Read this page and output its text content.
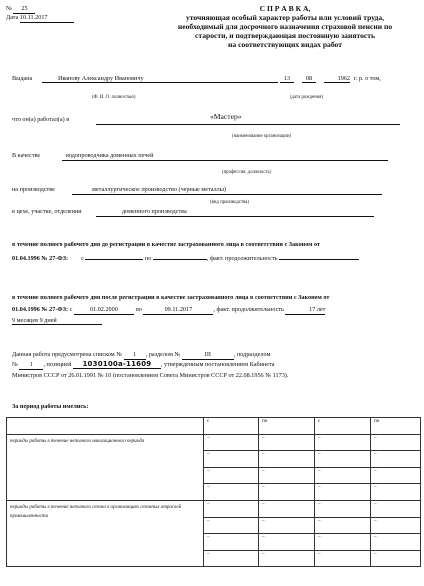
№ 25
Дата 10.11.2017
С П Р А В К А,
уточняющая особый характер работы или условий труда,
необходимый для досрочного назначения страховой пенсии по
старости, и подтверждающая постоянную занятость
на соответствующих видах работ
Выдана	Иванову Александру Ивановичу	13	08	1962 г. р. о том,
(Ф. И. О. полностью)	(дата рождения)
что он(а) работал(а) в	«Мастер»
(наименование организации)
В качестве	водопроводчика доменных печей
(профессия, должность)
на производстве	металлургическое производство (черные металлы)
(вид производства)
в цехе, участке, отделении	доменного производства
в течение полного рабочего дня до регистрации в качестве застрахованного лица в соответствии с Законом от
01.04.1996 № 27-ФЗ: с	по	, факт. продолжительность
в течение полного рабочего дня после регистрации в качестве застрахованного лица в соответствии с Законом от
01.04.1996 № 27-ФЗ: с	01.02.2000	по	09.11.2017	, факт. продолжительность	17 лет
9 месяцев 9 дней
Данная работа предусмотрена списком № 1 , разделом №	III	, подразделом
№ 1 , позицией 1030100а-11609 , утвержденным постановлением Кабинета
Министров СССР от 26.01.1991 № 10 (постановлением Совета Министров СССР от 22.08.1956 № 1173).
За период работы имелись:
	с	по	с	по
периоды работы в течение неполного навигационного периода	–	–	–	–
	–	–	–	–
	–	–	–	–
	–	–	–	–
периоды работы в течение неполного сезона в организациях сезонных отраслей промышленности	–	–	–	–
	–	–	–	–
	–	–	–	–
	–	–	–	–
